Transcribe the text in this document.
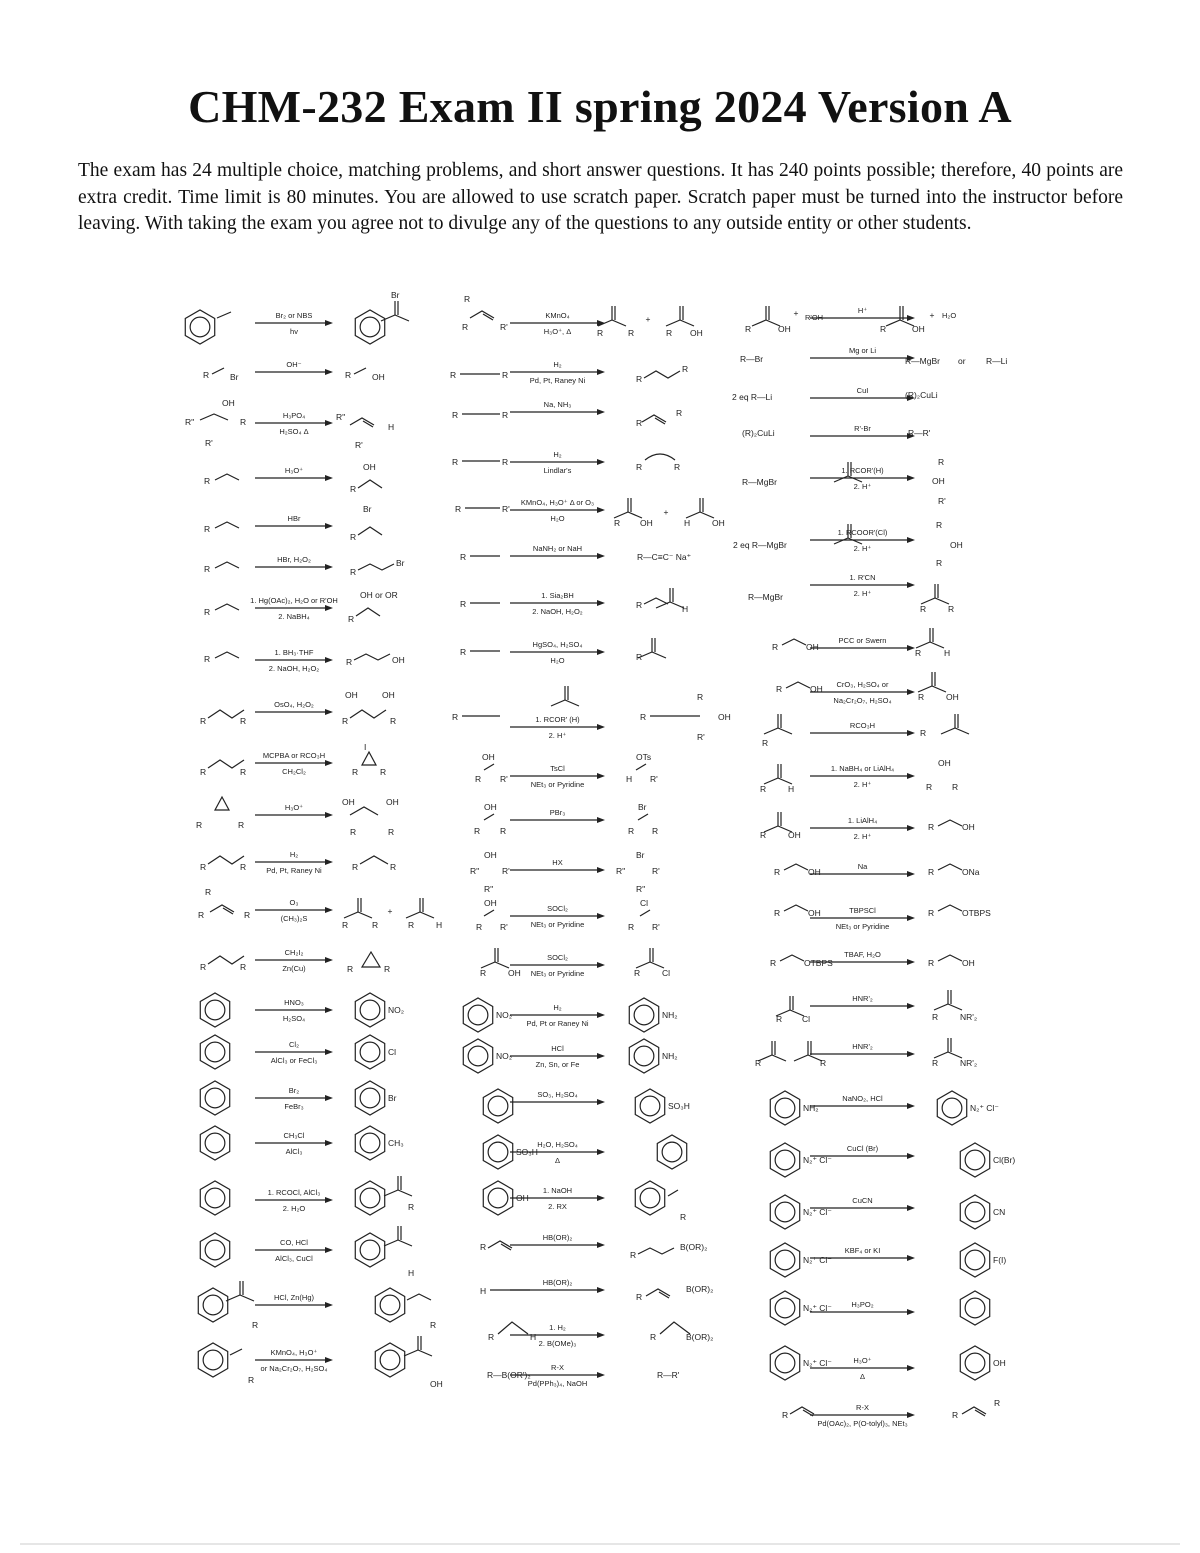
CHM-232 Exam II spring 2024 Version A
The exam has 24 multiple choice, matching problems, and short answer questions. It has 240 points possible; therefore, 40 points are extra credit. Time limit is 80 minutes. You are allowed to use scratch paper. Scratch paper must be turned into the instructor before leaving. With taking the exam you agree not to divulge any of the questions to any outside entity or other students.
Br₂ or NBS
hv
OH⁻
H₃PO₄
H₂SO₄ Δ
H₃O⁺
HBr
HBr, H₂O₂
1. Hg(OAc)₂, H₂O or R'OH
2. NaBH₄
1. BH₃·THF
2. NaOH, H₂O₂
OsO₄, H₂O₂
MCPBA or RCO₃H
CH₂Cl₂
H₃O⁺
H₂
Pd, Pt, Raney Ni
O₃
(CH₃)₂S
CH₂I₂
Zn(Cu)
HNO₃
H₂SO₄
Cl₂
AlCl₃ or FeCl₃
Br₂
FeBr₃
CH₃Cl
AlCl₃
1. RCOCl, AlCl₃
2. H₂O
CO, HCl
AlCl₃, CuCl
HCl, Zn(Hg)
KMnO₄, H₃O⁺
or Na₂Cr₂O₇, H₂SO₄
Br
R Br	R OH
R''
OH
R
R'
R''
H
R'
R
OH
R
R
Br
R
R	R
Br
R
OH or OR
R
R	R	OH
R	R	R
OH	OH
R
R	R	R	R
I
R	R
OH	OH
R	R
R	R	R	R
R
R	R
R	R
+
R	H
R	R	R	R
NO₂
Cl
Br
CH₃
R
H
R	R
R	OH
KMnO₄
H₃O⁺, Δ
H₂
Pd, Pt, Raney Ni
Na, NH₃
H₂
Lindlar's
KMnO₄, H₃O⁺ Δ or O₃
H₂O
NaNH₂ or NaH
1. Sia₂BH
2. NaOH, H₂O₂
HgSO₄, H₂SO₄
H₂O
1. RCOR' (H)
2. H⁺
TsCl
NEt₃ or Pyridine
PBr₃
HX
SOCl₂
NEt₃ or Pyridine
SOCl₂
NEt₃ or Pyridine
H₂
Pd, Pt or Raney Ni
HCl
Zn, Sn, or Fe
SO₃, H₂SO₄
H₂O, H₂SO₄
Δ
1. NaOH
2. RX
HB(OR)₂
HB(OR)₂
1. H₂
2. B(OMe)₃
R-X
Pd(PPh₃)₄, NaOH
R
R	R'
R	R
+
R OH
R	R	R
R
R	R
R
R
R	R	R	R
R	R'
R OH
+
H	OH
R	R—C≡C⁻ Na⁺
R	R	H
R	R
R	R	OH
R
R'
OH
R R'
OTs
H R'
OH
R R
Br
R R
OH
R''	R'
R''
Br
R''	R'
R''
OH
R R'
Cl
R R'
R	OH	R	Cl
NO₂	NH₂
NO₂	NH₂
SO₃H
SO₃H
OH
R
R
R
B(OR)₂
H
R
B(OR)₂
R	H	R	B(OR)₂
R—B(OR')₂	R—R'
H⁺
Mg or Li
CuI
R'-Br
1. RCOR'(H)
2. H⁺
1. RCOOR'(Cl)
2. H⁺
1. R'CN
2. H⁺
PCC or Swern
CrO₃, H₂SO₄ or
Na₂Cr₂O₇, H₂SO₄
RCO₃H
1. NaBH₄ or LiAlH₄
2. H⁺
1. LiAlH₄
2. H⁺
Na
TBPSCl
NEt₃ or Pyridine
TBAF, H₂O
HNR'₂
HNR'₂
NaNO₂, HCl
CuCl (Br)
CuCN
KBF₄ or KI
H₃PO₂
H₃O⁺
Δ
R-X
Pd(OAc)₂, P(O-tolyl)₃, NEt₃
R	OH
+ R'OH
R	OH
+ H₂O
R—Br	R—MgBr or R—Li
2 eq R—Li	(R)₂CuLi
(R)₂CuLi	R—R'
R—MgBr	OH
R
R'
2 eq R—MgBr	OH
R
R
R—MgBr
R	R
R	OH
R	H
R	OH
R	OH
R
R
R	H
OH
R R
R	OH
R	OH
R	OH	R	ONa
R	OH	R	OTBPS
R	OTBPS	R	OH
R Cl	R	NR'₂
R	R	R	NR'₂
NH₂	N₂⁺ Cl⁻
N₂⁺ Cl⁻	Cl(Br)
N₂⁺ Cl⁻	CN
N₂⁺ Cl⁻	F(I)
N₂⁺ Cl⁻
N₂⁺ Cl⁻	OH
R	R
R
